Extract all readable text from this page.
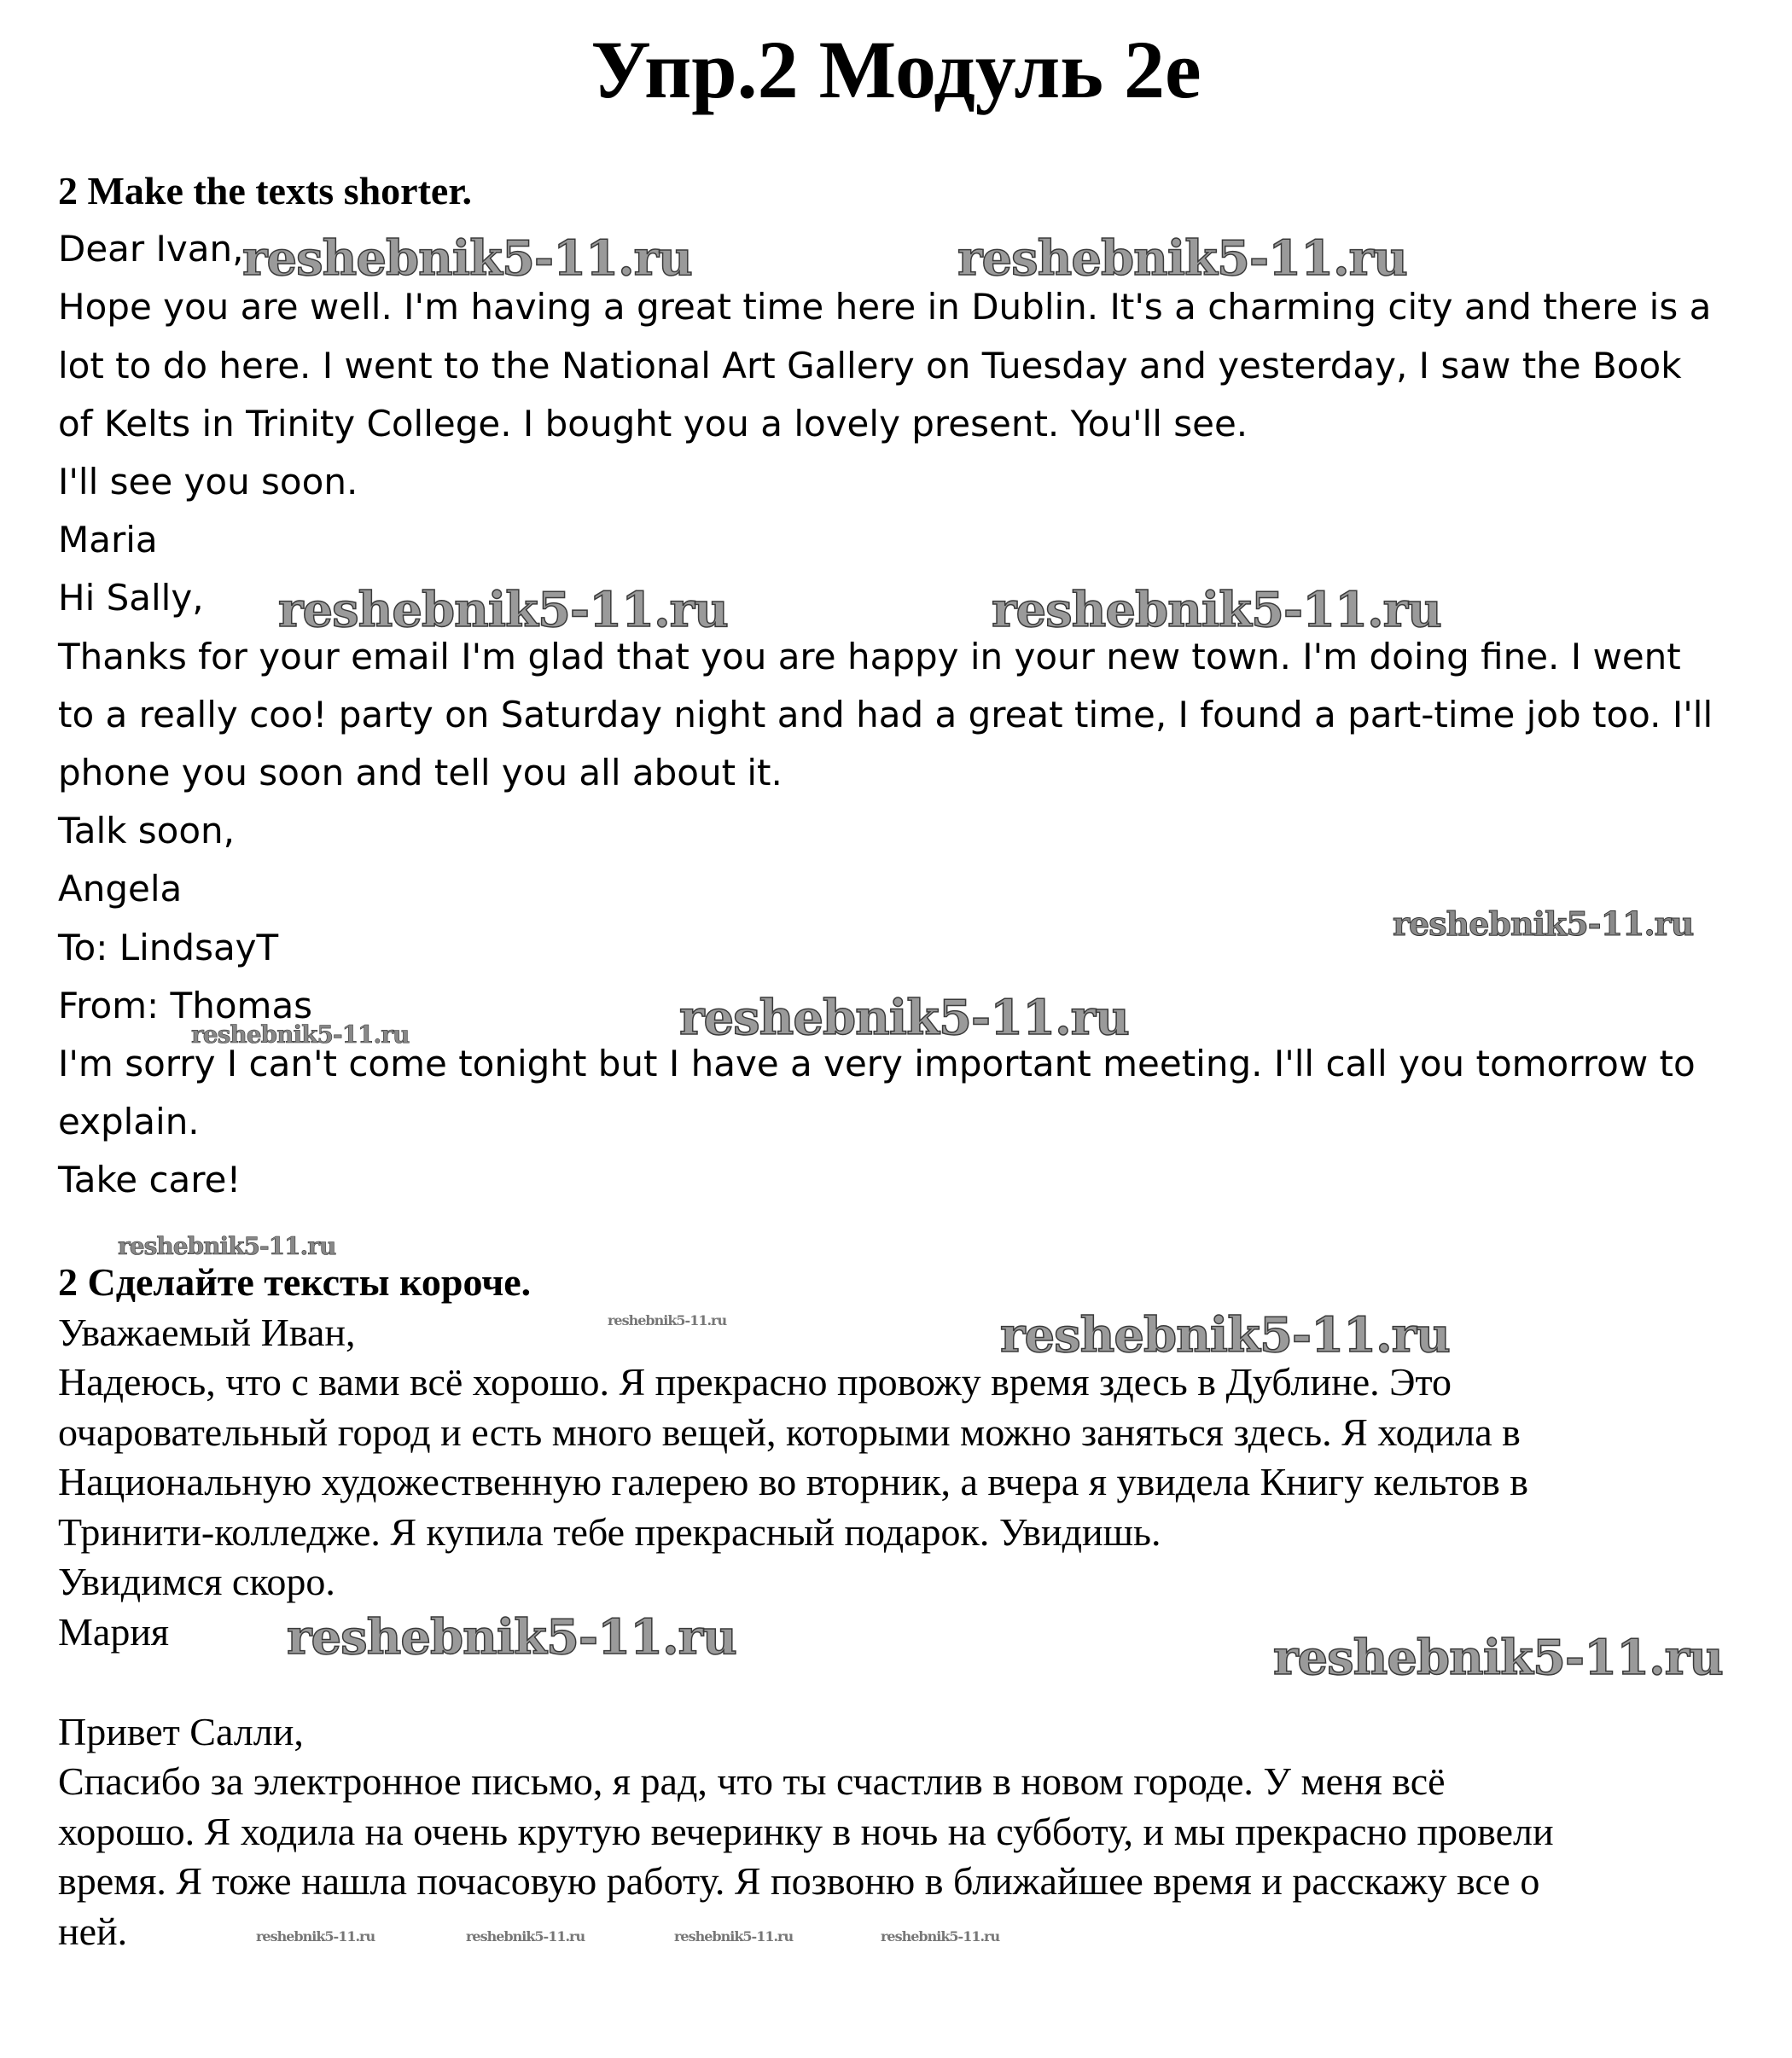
Упр.2 Модуль 2е
2 Make the texts shorter.
Dear Ivan,
Hope you are well. I'm having a great time here in Dublin. It's a charming city and there is a
lot to do here. I went to the National Art Gallery on Tuesday and yesterday, I saw the Book
of Kelts in Trinity College. I bought you a lovely present. You'll see.
I'll see you soon.
Maria
Hi Sally,
Thanks for your email I'm glad that you are happy in your new town. I'm doing fine. I went
to a really coo! party on Saturday night and had a great time, I found a part-time job too. I'll
phone you soon and tell you all about it.
Talk soon,
Angela
To: LindsayT
From: Thomas
I'm sorry I can't come tonight but I have a very important meeting. I'll call you tomorrow to
explain.
Take care!
2 Сделайте тексты короче.
Уважаемый Иван,
Надеюсь, что с вами всё хорошо. Я прекрасно провожу время здесь в Дублине. Это
очаровательный город и есть много вещей, которыми можно заняться здесь. Я ходила в
Национальную художественную галерею во вторник, а вчера я увидела Книгу кельтов в
Тринити-колледже. Я купила тебе прекрасный подарок. Увидишь.
Увидимся скоро.
Мария
Привет Салли,
Спасибо за электронное письмо, я рад, что ты счастлив в новом городе. У меня всё
хорошо. Я ходила на очень крутую вечеринку в ночь на субботу, и мы прекрасно провели
время. Я тоже нашла почасовую работу. Я позвоню в ближайшее время и расскажу все о
ней.
reshebnik5-11.ru	reshebnik5-11.ru
reshebnik5-11.ru	reshebnik5-11.ru
reshebnik5-11.ru
reshebnik5-11.ru
reshebnik5-11.ru
reshebnik5-11.ru
reshebnik5-11.ru	reshebnik5-11.ru
reshebnik5-11.ru	reshebnik5-11.ru
reshebnik5-11.ru	reshebnik5-11.ru	reshebnik5-11.ru	reshebnik5-11.ru
